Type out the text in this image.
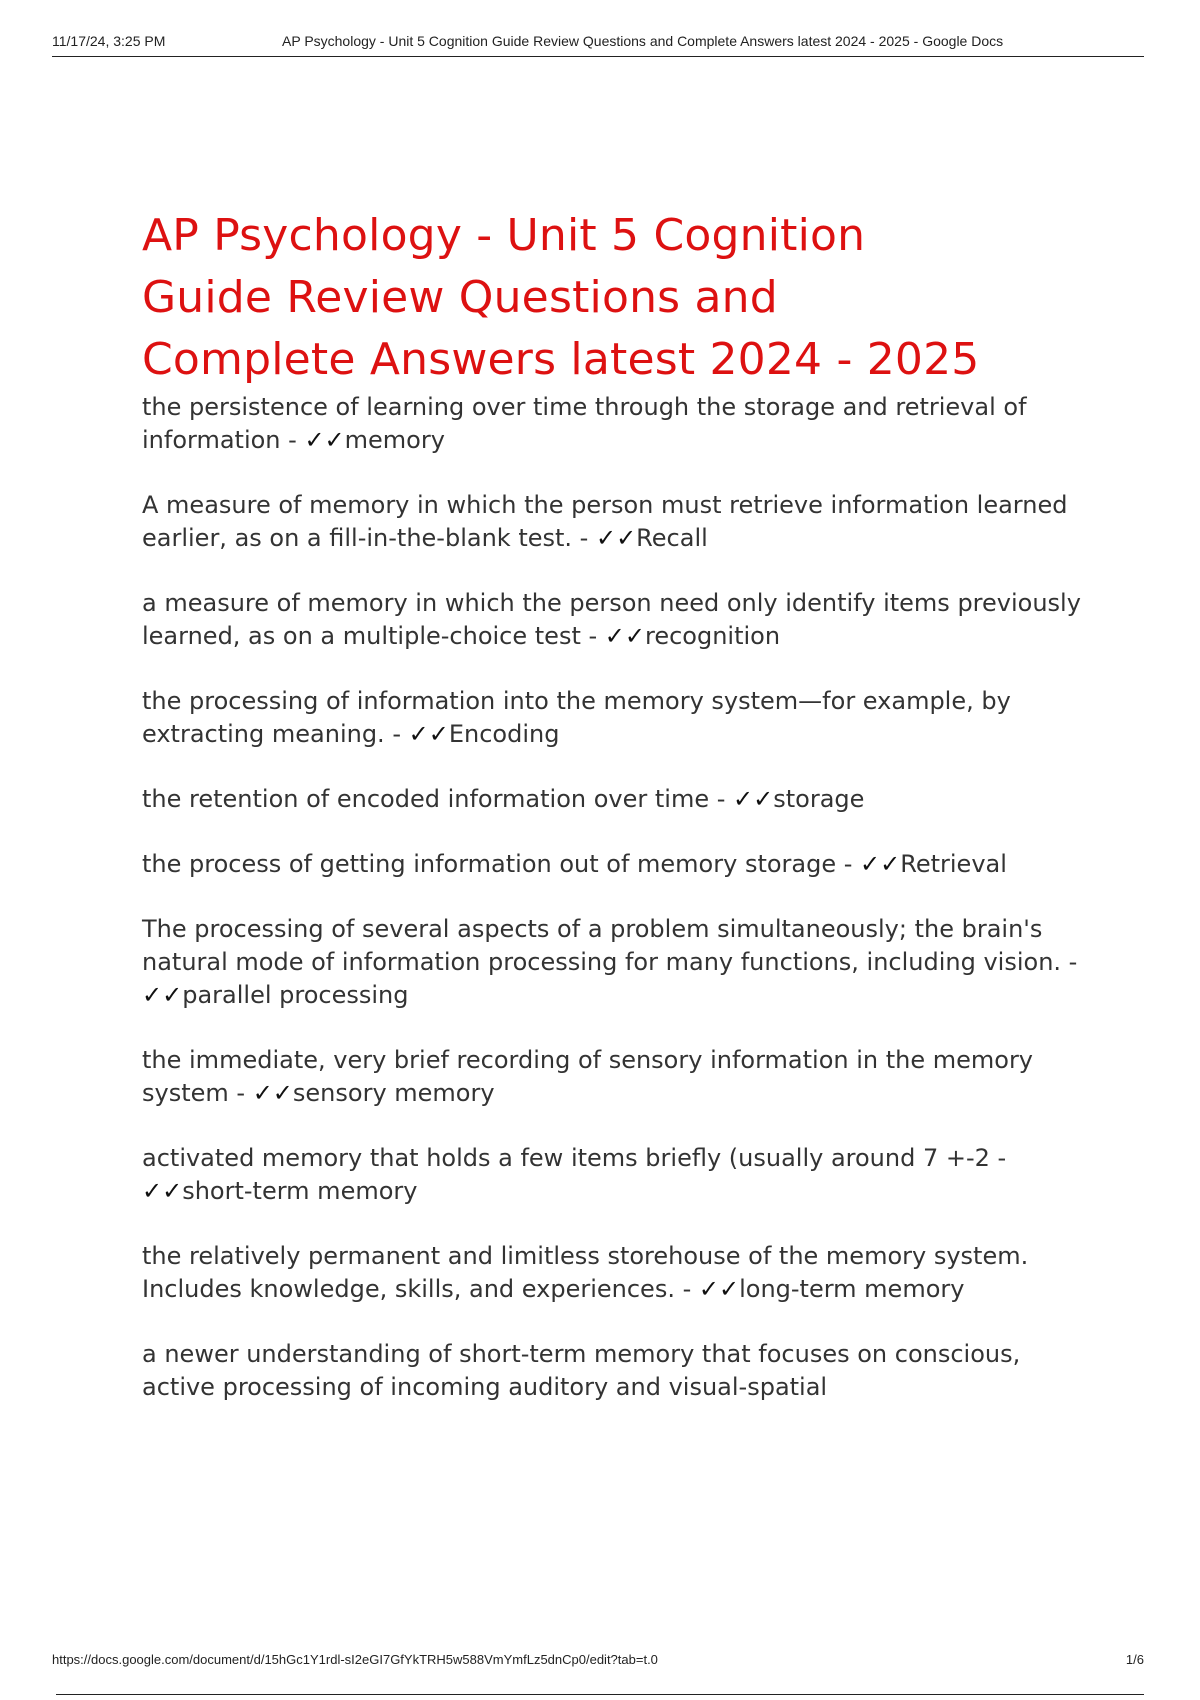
11/17/24, 3:25 PM	AP Psychology - Unit 5 Cognition Guide Review Questions and Complete Answers latest 2024 - 2025 - Google Docs
AP Psychology - Unit 5 Cognition
Guide Review Questions and
Complete Answers latest 2024 - 2025

the persistence of learning over time through the storage and retrieval of information - ✓✓memory

A measure of memory in which the person must retrieve information learned earlier, as on a fill-in-the-blank test. - ✓✓Recall

a measure of memory in which the person need only identify items previously learned, as on a multiple-choice test - ✓✓recognition

the processing of information into the memory system—for example, by extracting meaning. - ✓✓Encoding

the retention of encoded information over time - ✓✓storage

the process of getting information out of memory storage - ✓✓Retrieval

The processing of several aspects of a problem simultaneously; the brain's natural mode of information processing for many functions, including vision. - ✓✓parallel processing

the immediate, very brief recording of sensory information in the memory system - ✓✓sensory memory

activated memory that holds a few items briefly (usually around 7 +-2 - ✓✓short-term memory

the relatively permanent and limitless storehouse of the memory system. Includes knowledge, skills, and experiences. - ✓✓long-term memory

a newer understanding of short-term memory that focuses on conscious, active processing of incoming auditory and visual-spatial

https://docs.google.com/document/d/15hGc1Y1rdl-sI2eGI7GfYkTRH5w588VmYmfLz5dnCp0/edit?tab=t.0	1/6
